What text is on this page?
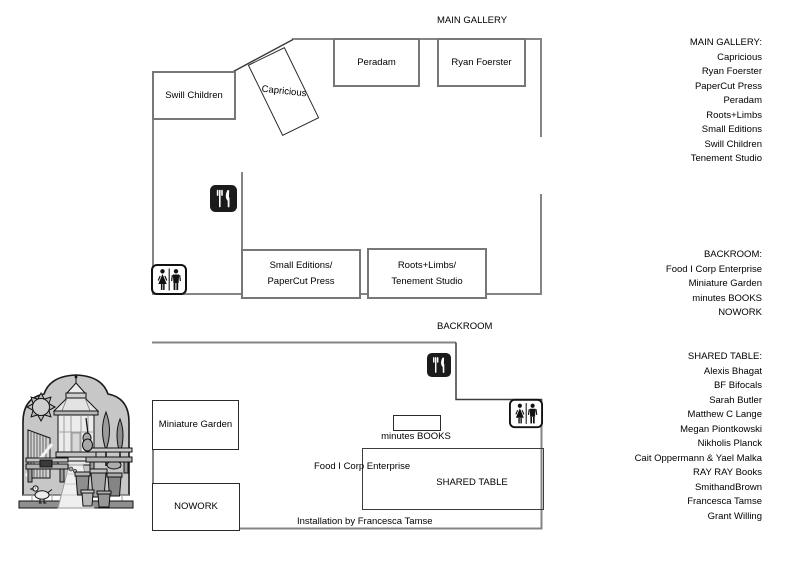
Swill Children	Capricious
Peradam	Ryan Foerster
Small Editions/
PaperCut Press
Roots+Limbs/
Tenement Studio
MAIN GALLERY
BACKROOM
Miniature Garden
NOWORK
minutes BOOKS
SHARED TABLE
Food I Corp Enterprise
Installation by Francesca Tamse
MAIN GALLERY:
Capricious
Ryan Foerster
PaperCut Press
Peradam
Roots+Limbs
Small Editions
Swill Children
Tenement Studio
BACKROOM:
Food I Corp Enterprise
Miniature Garden
minutes BOOKS
NOWORK
SHARED TABLE:
Alexis Bhagat
BF Bifocals
Sarah Butler
Matthew C Lange
Megan Piontkowski
Nikholis Planck
Cait Oppermann & Yael Malka
RAY RAY Books
SmithandBrown
Francesca Tamse
Grant Willing
